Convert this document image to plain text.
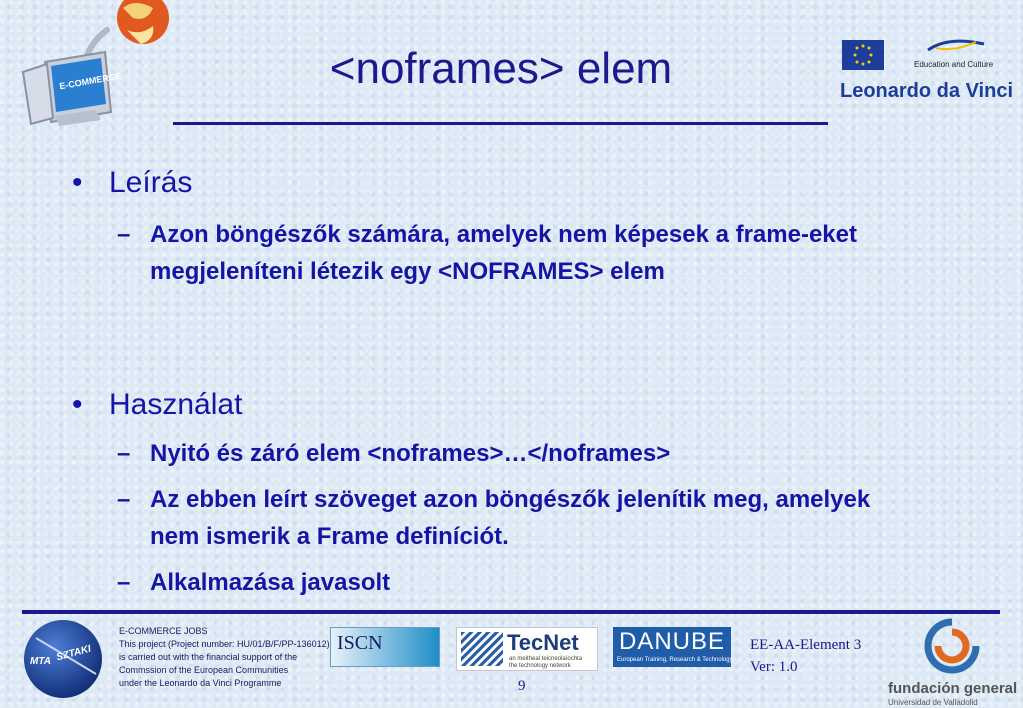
E-COMMERCE
Education and Culture
Leonardo da Vinci
<noframes> elem
• Leírás
– Azon böngészők számára, amelyek nem képesek a frame-eket megjeleníteni létezik egy <NOFRAMES> elem
• Használat
– Nyitó és záró elem <noframes>…</noframes>
– Az ebben leírt szöveget azon böngészők jelenítik meg, amelyek nem ismerik a Frame definíciót.
– Alkalmazása javasolt
MTA SZTAKI
E-COMMERCE JOBS
This project (Project number: HU/01/B/F/PP-136012)
is carried out with the financial support of the
Commssion of the European Communities
under the Leonardo da Vinci Programme
ISCN	TecNet
an meitheal teicneolaíochta
the technology network
DANUBE
European Training, Research & Technology
EE-AA-Element 3
Ver: 1.0
9	fundación general
Universidad de Valladolid
